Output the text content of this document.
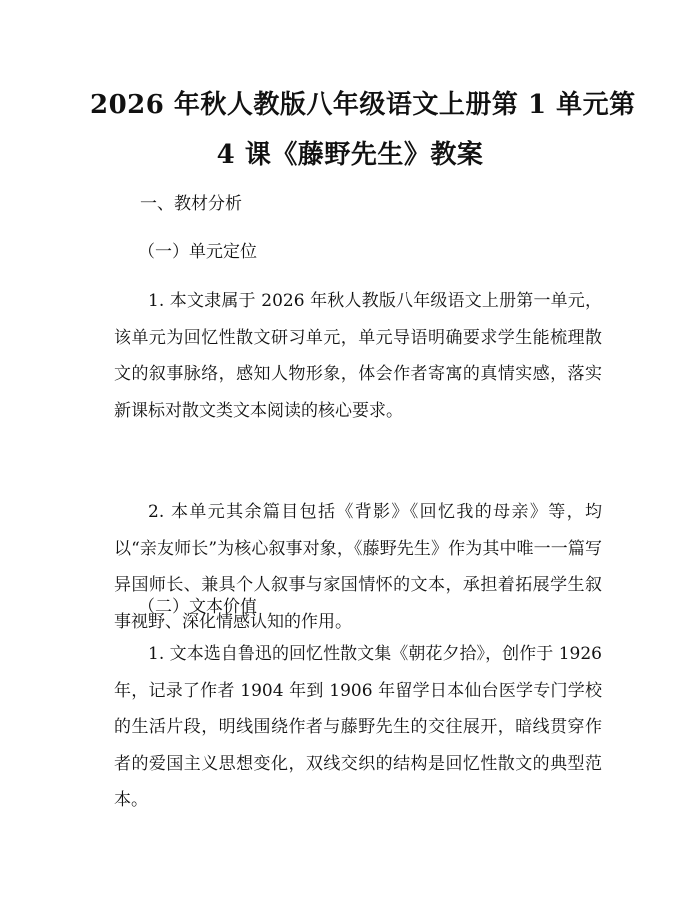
2026 年秋人教版八年级语文上册第 1 单元第
4 课《藤野先生》教案
一、教材分析
（一）单元定位
1. 本文隶属于 2026 年秋人教版八年级语文上册第一单元，该单元为回忆性散文研习单元，单元导语明确要求学生能梳理散文的叙事脉络，感知人物形象，体会作者寄寓的真情实感，落实新课标对散文类文本阅读的核心要求。
2. 本单元其余篇目包括《背影》《回忆我的母亲》等，均以“亲友师长”为核心叙事对象，《藤野先生》作为其中唯一一篇写异国师长、兼具个人叙事与家国情怀的文本，承担着拓展学生叙事视野、深化情感认知的作用。
（二）文本价值
1. 文本选自鲁迅的回忆性散文集《朝花夕拾》，创作于 1926 年，记录了作者 1904 年到 1906 年留学日本仙台医学专门学校的生活片段，明线围绕作者与藤野先生的交往展开，暗线贯穿作者的爱国主义思想变化，双线交织的结构是回忆性散文的典型范本。
